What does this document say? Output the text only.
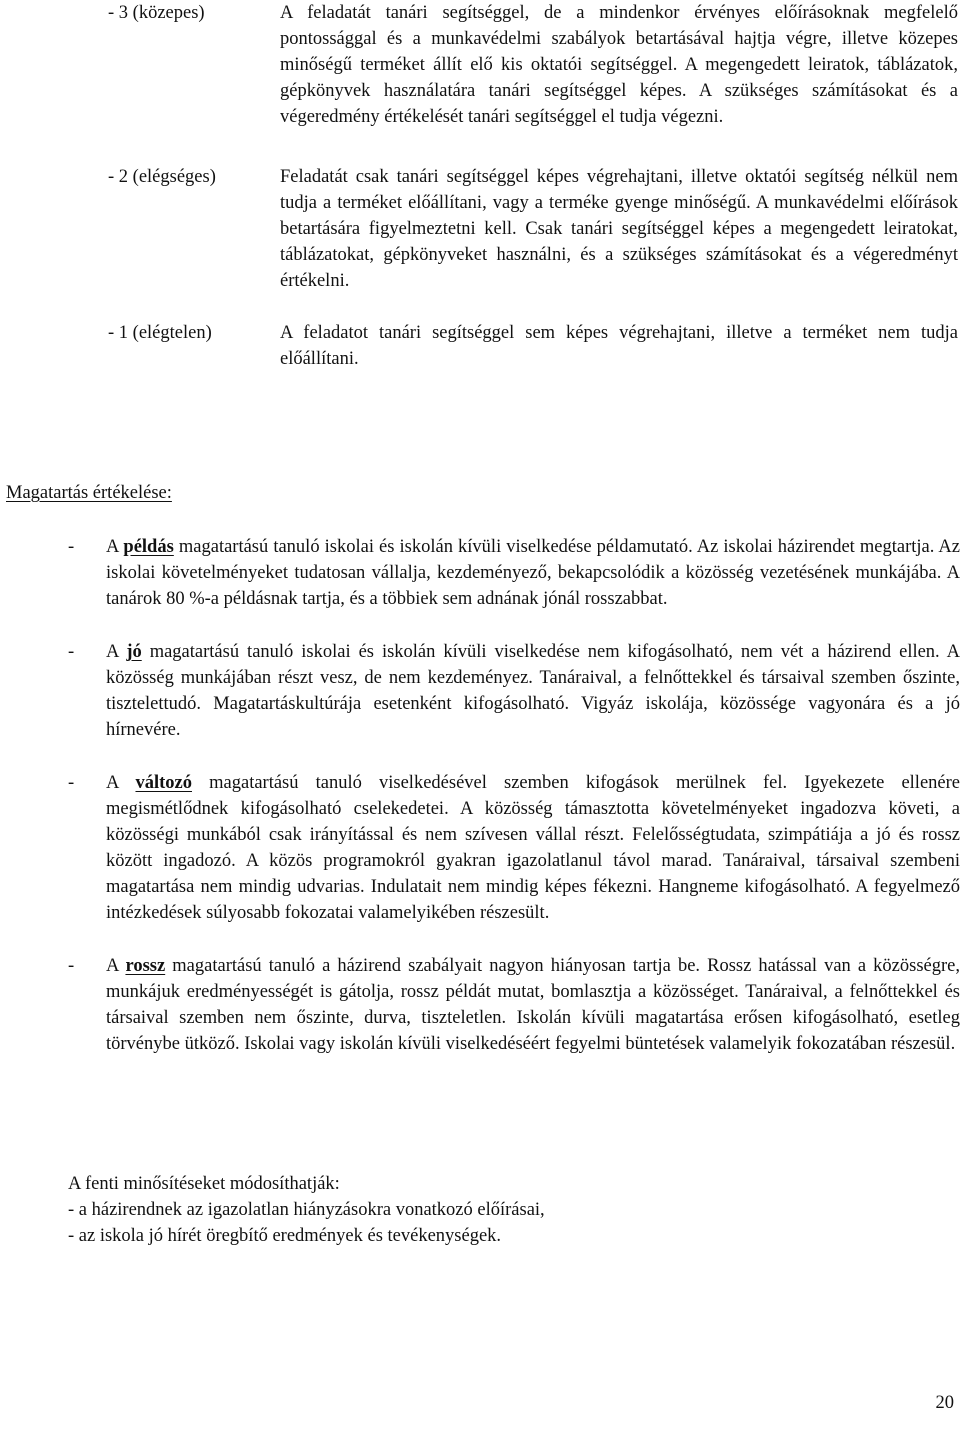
- 3 (közepes)	A feladatát tanári segítséggel, de a mindenkor érvényes előírásoknak megfelelő pontossággal és a munkavédelmi szabályok betartásával hajtja végre, illetve közepes minőségű terméket állít elő kis oktatói segítséggel. A megengedett leiratok, táblázatok, gépkönyvek használatára tanári segítséggel képes. A szükséges számításokat és a végeredmény értékelését tanári segítséggel el tudja végezni.
- 2 (elégséges)	Feladatát csak tanári segítséggel képes végrehajtani, illetve oktatói segítség nélkül nem tudja a terméket előállítani, vagy a terméke gyenge minőségű. A munkavédelmi előírások betartására figyelmeztetni kell. Csak tanári segítséggel képes a megengedett leiratokat, táblázatokat, gépkönyveket használni, és a szükséges számításokat és a végeredményt értékelni.
- 1 (elégtelen)	A feladatot tanári segítséggel sem képes végrehajtani, illetve a terméket nem tudja előállítani.
Magatartás értékelése:
-	A példás magatartású tanuló iskolai és iskolán kívüli viselkedése példamutató. Az iskolai házirendet megtartja. Az iskolai követelményeket tudatosan vállalja, kezdeményező, bekapcsolódik a közösség vezetésének munkájába. A tanárok 80 %-a példásnak tartja, és a többiek sem adnának jónál rosszabbat.
-	A jó magatartású tanuló iskolai és iskolán kívüli viselkedése nem kifogásolható, nem vét a házirend ellen. A közösség munkájában részt vesz, de nem kezdeményez. Tanáraival, a felnőttekkel és társaival szemben őszinte, tisztelettudó. Magatartáskultúrája esetenként kifogásolható. Vigyáz iskolája, közössége vagyonára és a jó hírnevére.
-	A változó magatartású tanuló viselkedésével szemben kifogások merülnek fel. Igyekezete ellenére megismétlődnek kifogásolható cselekedetei. A közösség támasztotta követelményeket ingadozva követi, a közösségi munkából csak irányítással és nem szívesen vállal részt. Felelősségtudata, szimpátiája a jó és rossz között ingadozó. A közös programokról gyakran igazolatlanul távol marad. Tanáraival, társaival szembeni magatartása nem mindig udvarias. Indulatait nem mindig képes fékezni. Hangneme kifogásolható. A fegyelmező intézkedések súlyosabb fokozatai valamelyikében részesült.
-	A rossz magatartású tanuló a házirend szabályait nagyon hiányosan tartja be. Rossz hatással van a közösségre, munkájuk eredményességét is gátolja, rossz példát mutat, bomlasztja a közösséget. Tanáraival, a felnőttekkel és társaival szemben nem őszinte, durva, tiszteletlen. Iskolán kívüli magatartása erősen kifogásolható, esetleg törvénybe ütköző. Iskolai vagy iskolán kívüli viselkedéséért fegyelmi büntetések valamelyik fokozatában részesül.
A fenti minősítéseket módosíthatják:
- a házirendnek az igazolatlan hiányzásokra vonatkozó előírásai,
- az iskola jó hírét öregbítő eredmények és tevékenységek.
20
